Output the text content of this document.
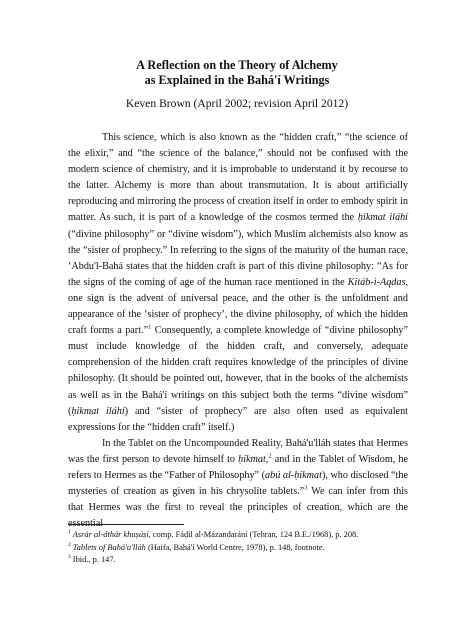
A Reflection on the Theory of Alchemy
as Explained in the Bahá'í Writings
Keven Brown (April 2002; revision April 2012)

This science, which is also known as the “hidden craft,” “the science of the elixir,” and “the science of the balance,” should not be confused with the modern science of chemistry, and it is improbable to understand it by recourse to the latter. Alchemy is more than about transmutation. It is about artificially reproducing and mirroring the process of creation itself in order to embody spirit in matter. As such, it is part of a knowledge of the cosmos termed the ḥikmat iláhí (“divine philosophy” or “divine wisdom”), which Muslim alchemists also know as the “sister of prophecy.” In referring to the signs of the maturity of the human race, ‘Abdu'l-Bahá states that the hidden craft is part of this divine philosophy: “As for the signs of the coming of age of the human race mentioned in the Kitáb-i-Aqdas, one sign is the advent of universal peace, and the other is the unfoldment and appearance of the ‘sister of prophecy’, the divine philosophy, of which the hidden craft forms a part.”$^1$ Consequently, a complete knowledge of “divine philosophy” must include knowledge of the hidden craft, and conversely, adequate comprehension of the hidden craft requires knowledge of the principles of divine philosophy. (It should be pointed out, however, that in the books of the alchemists as well as in the Bahá'í writings on this subject both the terms “divine wisdom” (ḥikmat iláhí) and “sister of prophecy” are also often used as equivalent expressions for the “hidden craft” itself.)

In the Tablet on the Uncompounded Reality, Bahá'u'lláh states that Hermes was the first person to devote himself to ḥikmat,$^2$ and in the Tablet of Wisdom, he refers to Hermes as the “Father of Philosophy” (abú al-ḥikmat), who disclosed “the mysteries of creation as given in his chrysolite tablets.”$^3$ We can infer from this that Hermes was the first to reveal the principles of creation, which are the essential

$^1$ Asrár al-áthár khuṣúṣí, comp. Fáḍil al-Mázandarání (Tehran, 124 B.E./1968), p. 208.
$^2$ Tablets of Bahá'u'lláh (Haifa, Bahá'í World Centre, 1978), p. 148, footnote.
$^3$ Ibid., p. 147.
